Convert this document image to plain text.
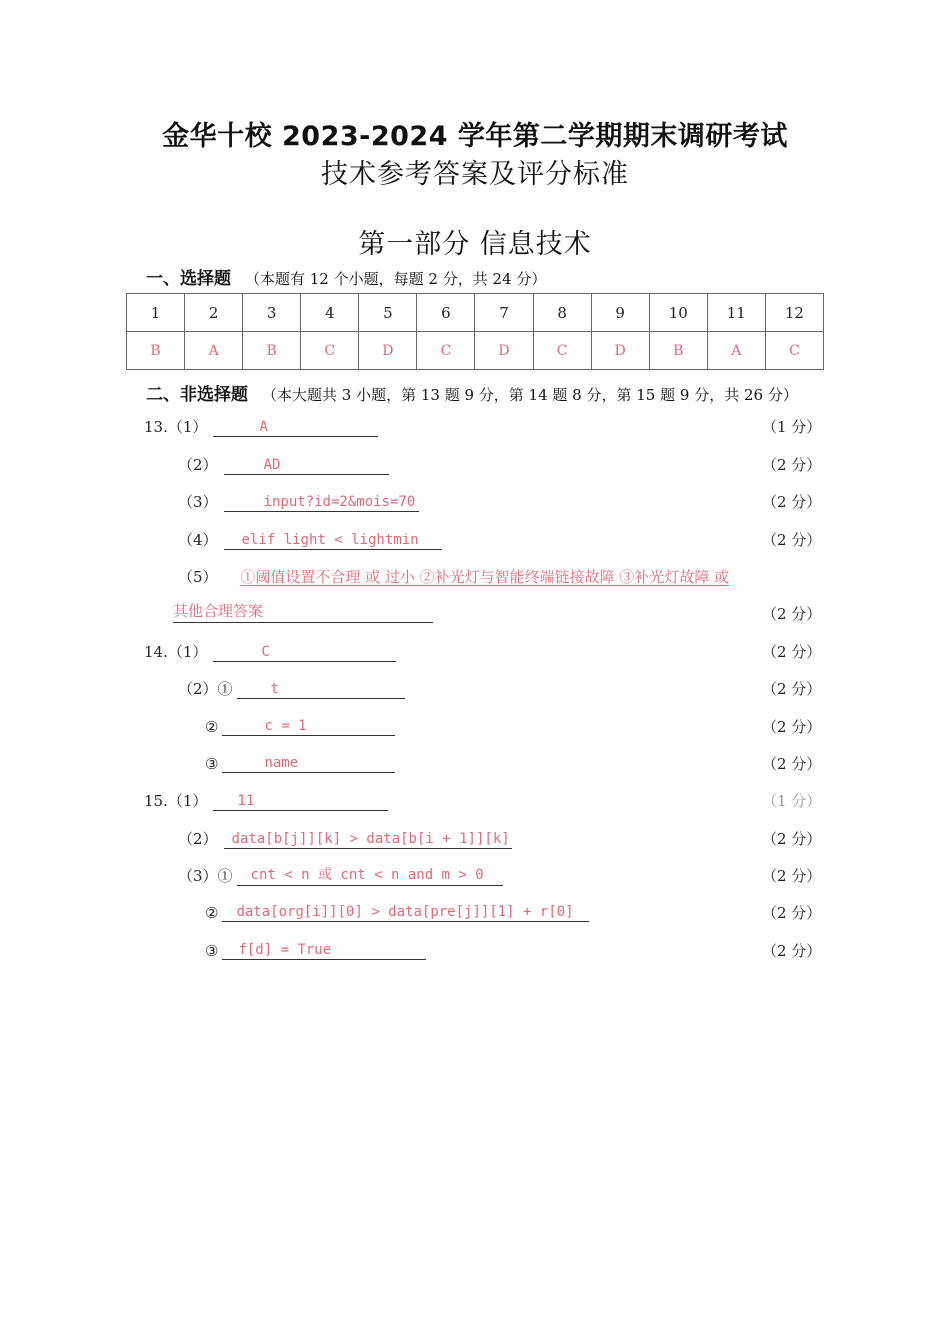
金华十校 2023-2024 学年第二学期期末调研考试
技术参考答案及评分标准
第一部分 信息技术
一、选择题 （本题有 12 个小题，每题 2 分，共 24 分）
1	2	3	4	5	6	7	8	9	10	11	12
B	A	B	C	D	C	D	C	D	B	A	C
二、非选择题 （本大题共 3 小题，第 13 题 9 分，第 14 题 8 分，第 15 题 9 分，共 26 分）
13.（1）	A	（1 分）
（2）	AD	（2 分）
（3）	input?id=2&mois=70	（2 分）
（4） elif light < lightmin	（2 分）
（5） ①阈值设置不合理 或 过小 ②补光灯与智能终端链接故障 ③补光灯故障 或
其他合理答案	（2 分）
14.（1）	C	（2 分）
（2）①	t	（2 分）
②	c = 1	（2 分）
③	name	（2 分）
15.（1） 11	（1 分）
（2） data[b[j]][k] > data[b[i + 1]][k]	（2 分）
（3）① cnt < n 或 cnt < n and m > 0	（2 分）
② data[org[i]][0] > data[pre[j]][1] + r[0]	（2 分）
③ f[d] = True	（2 分）
